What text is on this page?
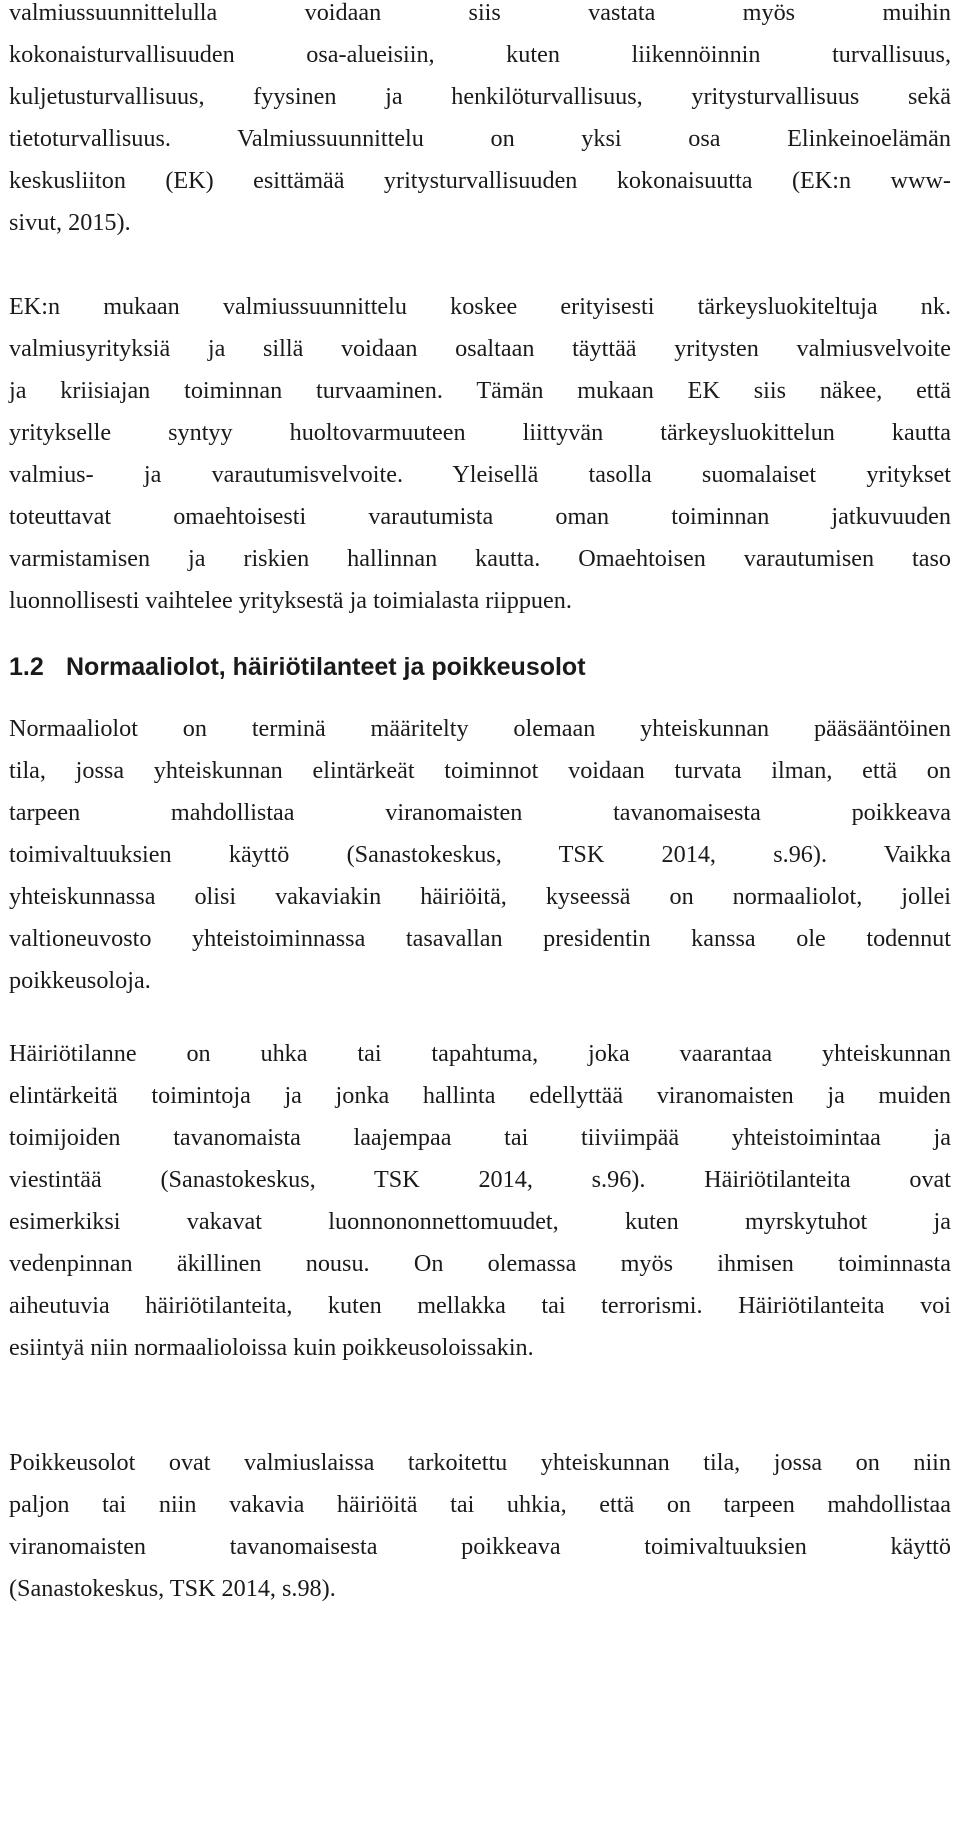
valmiussuunnittelulla voidaan siis vastata myös muihin
kokonaisturvallisuuden osa-alueisiin, kuten liikennöinnin turvallisuus,
kuljetusturvallisuus, fyysinen ja henkilöturvallisuus, yritysturvallisuus sekä
tietoturvallisuus. Valmiussuunnittelu on yksi osa Elinkeinoelämän
keskusliiton (EK) esittämää yritysturvallisuuden kokonaisuutta (EK:n www-
sivut, 2015).
EK:n mukaan valmiussuunnittelu koskee erityisesti tärkeysluokiteltuja nk.
valmiusyrityksiä ja sillä voidaan osaltaan täyttää yritysten valmiusvelvoite
ja kriisiajan toiminnan turvaaminen. Tämän mukaan EK siis näkee, että
yritykselle syntyy huoltovarmuuteen liittyvän tärkeysluokittelun kautta
valmius- ja varautumisvelvoite. Yleisellä tasolla suomalaiset yritykset
toteuttavat omaehtoisesti varautumista oman toiminnan jatkuvuuden
varmistamisen ja riskien hallinnan kautta. Omaehtoisen varautumisen taso
luonnollisesti vaihtelee yrityksestä ja toimialasta riippuen.
1.2 Normaaliolot, häiriötilanteet ja poikkeusolot
Normaaliolot on terminä määritelty olemaan yhteiskunnan pääsääntöinen
tila, jossa yhteiskunnan elintärkeät toiminnot voidaan turvata ilman, että on
tarpeen mahdollistaa viranomaisten tavanomaisesta poikkeava
toimivaltuuksien käyttö (Sanastokeskus, TSK 2014, s.96). Vaikka
yhteiskunnassa olisi vakaviakin häiriöitä, kyseessä on normaaliolot, jollei
valtioneuvosto yhteistoiminnassa tasavallan presidentin kanssa ole todennut
poikkeusoloja.
Häiriötilanne on uhka tai tapahtuma, joka vaarantaa yhteiskunnan
elintärkeitä toimintoja ja jonka hallinta edellyttää viranomaisten ja muiden
toimijoiden tavanomaista laajempaa tai tiiviimpää yhteistoimintaa ja
viestintää (Sanastokeskus, TSK 2014, s.96). Häiriötilanteita ovat
esimerkiksi vakavat luonnononnettomuudet, kuten myrskytuhot ja
vedenpinnan äkillinen nousu. On olemassa myös ihmisen toiminnasta
aiheutuvia häiriötilanteita, kuten mellakka tai terrorismi. Häiriötilanteita voi
esiintyä niin normaalioloissa kuin poikkeusoloissakin.
Poikkeusolot ovat valmiuslaissa tarkoitettu yhteiskunnan tila, jossa on niin
paljon tai niin vakavia häiriöitä tai uhkia, että on tarpeen mahdollistaa
viranomaisten tavanomaisesta poikkeava toimivaltuuksien käyttö
(Sanastokeskus, TSK 2014, s.98).
